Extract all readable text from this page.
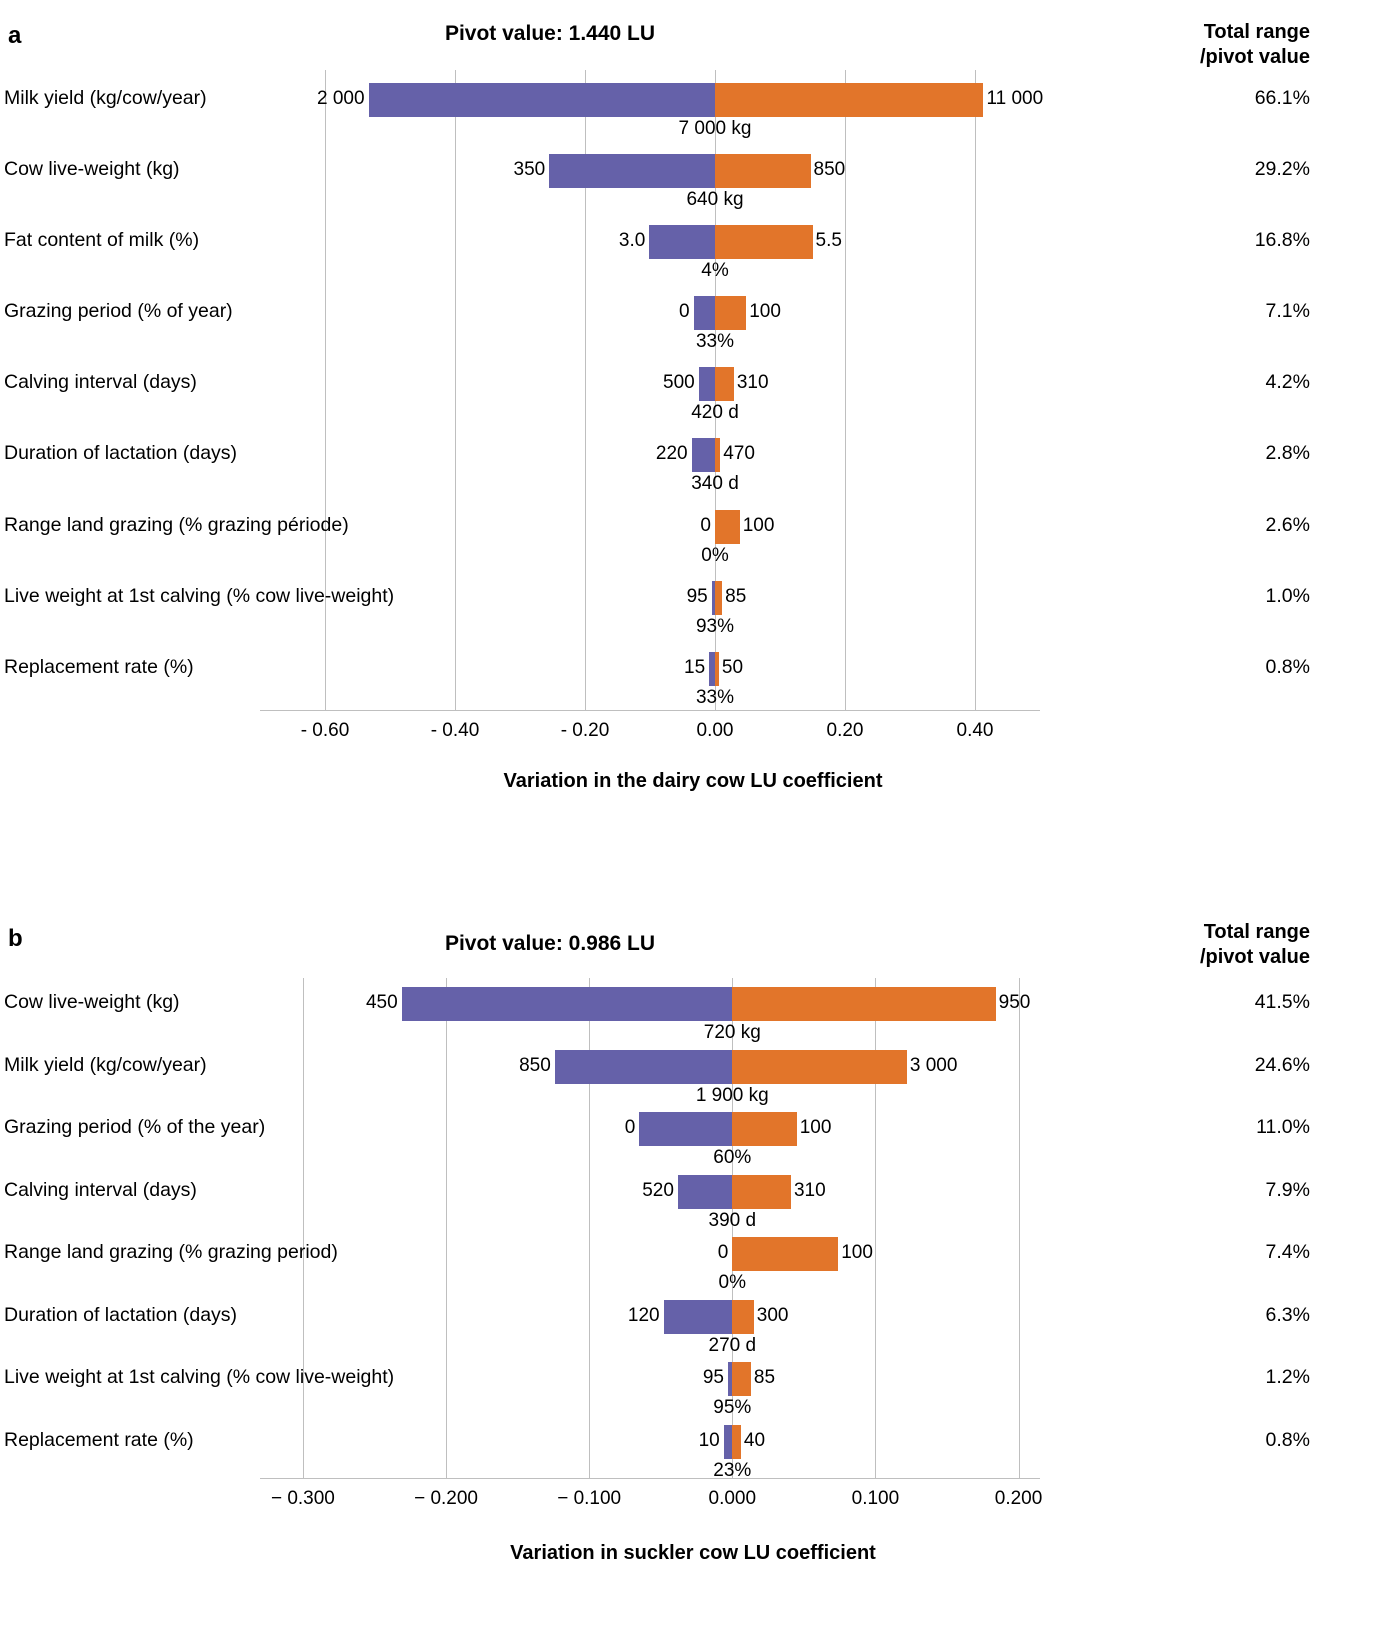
a	Pivot value: 1.440 LU	Total range
/pivot value
- 0.60	- 0.40	- 0.20	0.00	0.20	0.40
2 000	11 000
7 000 kg
350	850
640 kg
3.0	5.5
4%
0	100
33%
500 310
420 d
220 470
340 d
0 100
0%
95 85
93%
15 50
33%
Variation in the dairy cow LU coefficient
Milk yield (kg/cow/year)	66.1%
Cow live-weight (kg)	29.2%
Fat content of milk (%)	16.8%
Grazing period (% of year)	7.1%
Calving interval (days)	4.2%
Duration of lactation (days)	2.8%
Range land grazing (% grazing période)	2.6%
Live weight at 1st calving (% cow live-weight)	1.0%
Replacement rate (%)	0.8%
b	Pivot value: 0.986 LU	Total range
/pivot value
− 0.300	− 0.200	− 0.100	0.000	0.100	0.200
450	950
720 kg
850	3 000
1 900 kg
0	100
60%
520	310
390 d
0	100
0%
120	300
270 d
95 85
95%
10 40
23%
Variation in suckler cow LU coefficient
Cow live-weight (kg)	41.5%
Milk yield (kg/cow/year)	24.6%
Grazing period (% of the year)	11.0%
Calving interval (days)	7.9%
Range land grazing (% grazing period)	7.4%
Duration of lactation (days)	6.3%
Live weight at 1st calving (% cow live-weight)	1.2%
Replacement rate (%)	0.8%
